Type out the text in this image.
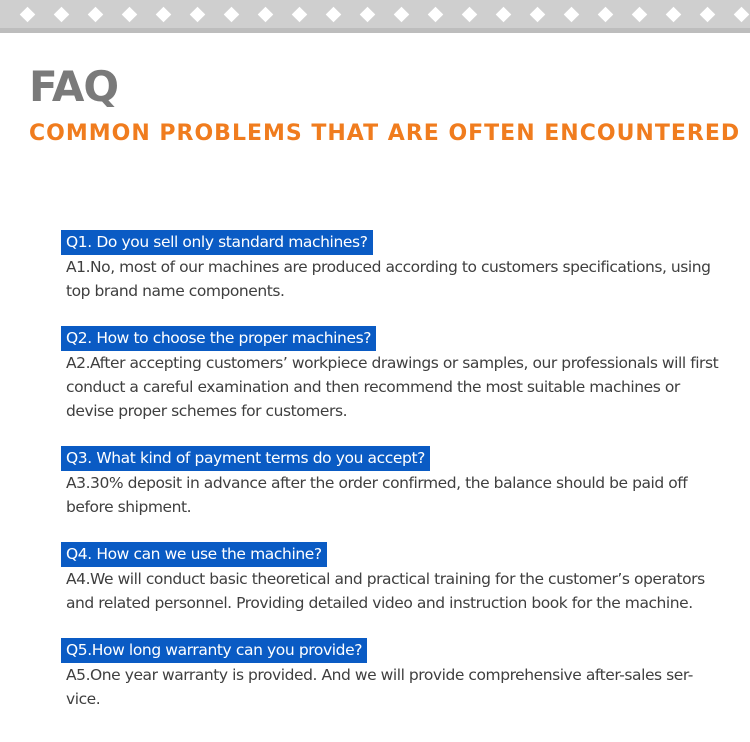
FAQ
COMMON PROBLEMS THAT ARE OFTEN ENCOUNTERED

Q1. Do you sell only standard machines?

A1.No, most of our machines are produced according to customers specifications, using
top brand name components.

Q2. How to choose the proper machines?

A2.After accepting customers’ workpiece drawings or samples, our professionals will first
conduct a careful examination and then recommend the most suitable machines or
devise proper schemes for customers.

Q3. What kind of payment terms do you accept?

A3.30% deposit in advance after the order confirmed, the balance should be paid off
before shipment.

Q4. How can we use the machine?

A4.We will conduct basic theoretical and practical training for the customer’s operators
and related personnel. Providing detailed video and instruction book for the machine.

Q5.How long warranty can you provide?

A5.One year warranty is provided. And we will provide comprehensive after-sales ser-
vice.
